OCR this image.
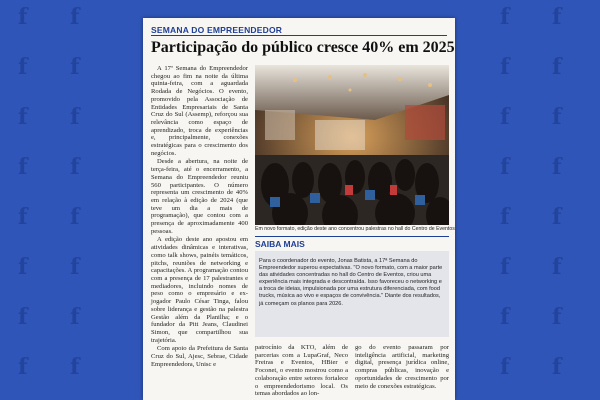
f
f
f
f
f
f
f
f
f
f
f
f
f
f
f
f
f
f
f
f
f
f
f
f
f
f
f
f
f
f
f
f
SEMANA DO EMPREENDEDOR
Participação do público cresce 40% em 2025

A 17ª Semana do Empreendedor chegou ao fim na noite da última quinta-feira, com a aguardada Rodada de Negócios. O evento, promovido pela Associação de Entidades Empresariais de Santa Cruz do Sul (Assemp), reforçou sua relevância como espaço de aprendizado, troca de experiências e, principalmente, conexões estratégicas para o crescimento dos negócios.

Desde a abertura, na noite de terça-feira, até o encerramento, a Semana do Empreendedor reuniu 560 participantes. O número representa um crescimento de 40% em relação à edição de 2024 (que teve um dia a mais de programação), que contou com a presença de aproximadamente 400 pessoas.

A edição deste ano apostou em atividades dinâmicas e interativas, como talk shows, painéis temáticos, pitchs, reuniões de networking e capacitações. A programação contou com a presença de 17 palestrantes e mediadores, incluindo nomes de peso como o empresário e ex-jogador Paulo César Tinga, falou sobre liderança e gestão na palestra Gestão além da Planilha; e o fundador da Pitt Jeans, Claudinei Simon, que compartilhou sua trajetória.

Com apoio da Prefeitura de Santa Cruz do Sul, Ajesc, Sebrae, Cidade Empreendedora, Unisc e

Em novo formato, edição deste ano concentrou palestras no hall do Centro de Eventos
SAIBA MAIS
Para o coordenador do evento, Jonas Batista, a 17ª Semana do Empreendedor superou expectativas. "O novo formato, com a maior parte das atividades concentradas no hall do Centro de Eventos, criou uma experiência mais integrada e descontraída. Isso favoreceu o networking e a troca de ideias, impulsionada por uma estrutura diferenciada, com food trucks, música ao vivo e espaços de convivência." Diante dos resultados, já começam os planos para 2026.

patrocínio da KTO, além de parcerias com a LupaGraf, Neco Freiras e Eventos, HBier e Foconet, o evento mostrou como a colaboração entre setores fortalece o empreendedorismo local. Os temas abordados ao lon-

go do evento passaram por inteligência artificial, marketing digital, presença jurídica online, compras públicas, inovação e oportunidades de crescimento por meio de conexões estratégicas.
